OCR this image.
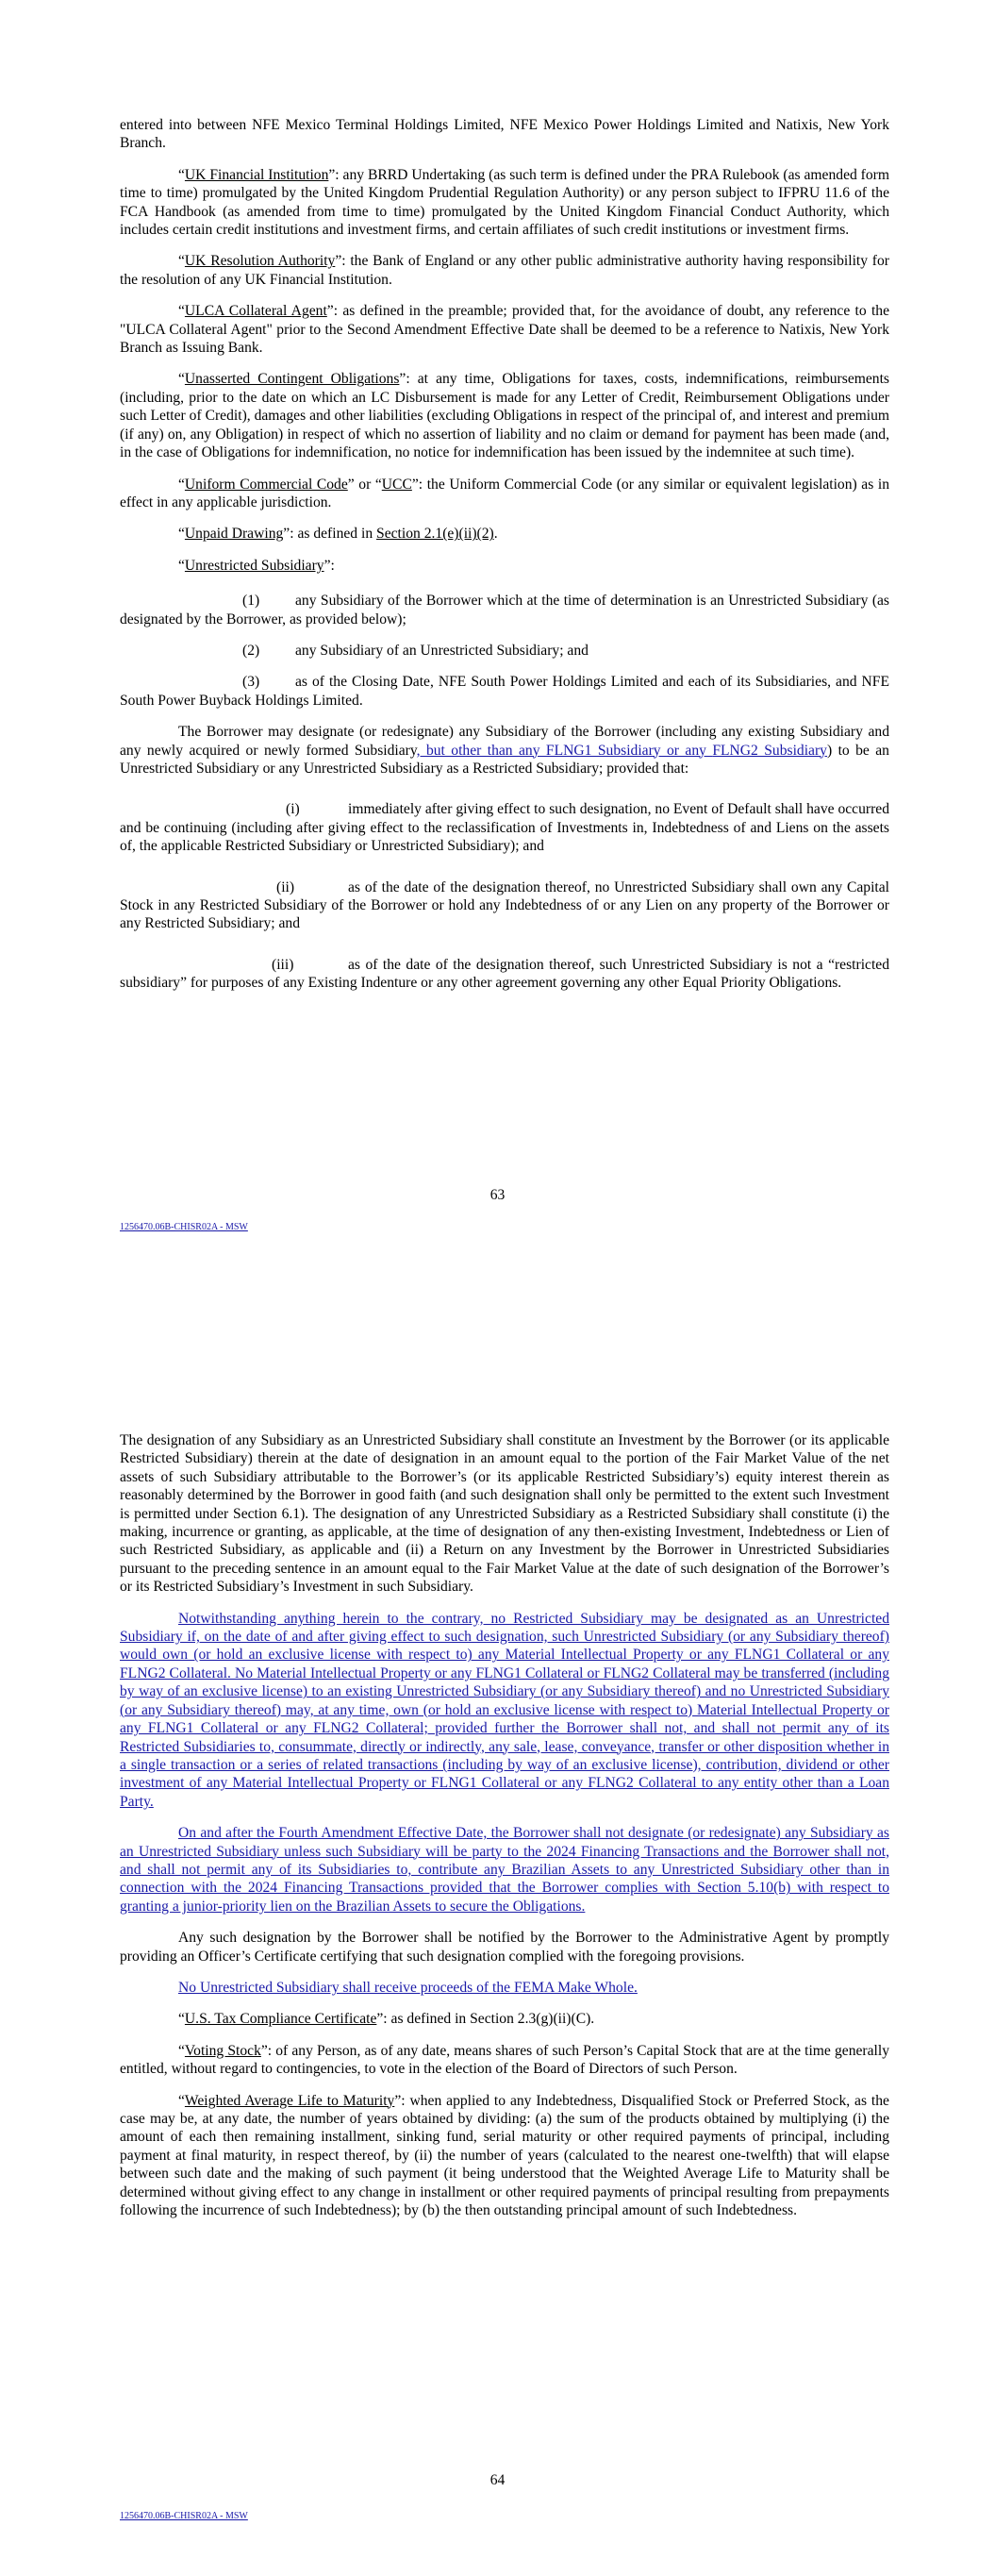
entered into between NFE Mexico Terminal Holdings Limited, NFE Mexico Power Holdings Limited and Natixis, New York Branch.

“UK Financial Institution”: any BRRD Undertaking (as such term is defined under the PRA Rulebook (as amended form time to time) promulgated by the United Kingdom Prudential Regulation Authority) or any person subject to IFPRU 11.6 of the FCA Handbook (as amended from time to time) promulgated by the United Kingdom Financial Conduct Authority, which includes certain credit institutions and investment firms, and certain affiliates of such credit institutions or investment firms.

“UK Resolution Authority”: the Bank of England or any other public administrative authority having responsibility for the resolution of any UK Financial Institution.

“ULCA Collateral Agent”: as defined in the preamble; provided that, for the avoidance of doubt, any reference to the "ULCA Collateral Agent" prior to the Second Amendment Effective Date shall be deemed to be a reference to Natixis, New York Branch as Issuing Bank.

“Unasserted Contingent Obligations”: at any time, Obligations for taxes, costs, indemnifications, reimbursements (including, prior to the date on which an LC Disbursement is made for any Letter of Credit, Reimbursement Obligations under such Letter of Credit), damages and other liabilities (excluding Obligations in respect of the principal of, and interest and premium (if any) on, any Obligation) in respect of which no assertion of liability and no claim or demand for payment has been made (and, in the case of Obligations for indemnification, no notice for indemnification has been issued by the indemnitee at such time).

“Uniform Commercial Code” or “UCC”: the Uniform Commercial Code (or any similar or equivalent legislation) as in effect in any applicable jurisdiction.

“Unpaid Drawing”: as defined in Section 2.1(e)(ii)(2).

“Unrestricted Subsidiary”:

(1) any Subsidiary of the Borrower which at the time of determination is an Unrestricted Subsidiary (as designated by the Borrower, as provided below);

(2) any Subsidiary of an Unrestricted Subsidiary; and

(3) as of the Closing Date, NFE South Power Holdings Limited and each of its Subsidiaries, and NFE South Power Buyback Holdings Limited.

The Borrower may designate (or redesignate) any Subsidiary of the Borrower (including any existing Subsidiary and any newly acquired or newly formed Subsidiary, but other than any FLNG1 Subsidiary or any FLNG2 Subsidiary) to be an Unrestricted Subsidiary or any Unrestricted Subsidiary as a Restricted Subsidiary; provided that:

(i)	immediately after giving effect to such designation, no Event of Default shall have occurred and be continuing (including after giving effect to the reclassification of Investments in, Indebtedness of and Liens on the assets of, the applicable Restricted Subsidiary or Unrestricted Subsidiary); and

(ii)	as of the date of the designation thereof, no Unrestricted Subsidiary shall own any Capital Stock in any Restricted Subsidiary of the Borrower or hold any Indebtedness of or any Lien on any property of the Borrower or any Restricted Subsidiary; and

(iii)	as of the date of the designation thereof, such Unrestricted Subsidiary is not a “restricted subsidiary” for purposes of any Existing Indenture or any other agreement governing any other Equal Priority Obligations.

63
1256470.06B-CHISR02A - MSW

The designation of any Subsidiary as an Unrestricted Subsidiary shall constitute an Investment by the Borrower (or its applicable Restricted Subsidiary) therein at the date of designation in an amount equal to the portion of the Fair Market Value of the net assets of such Subsidiary attributable to the Borrower’s (or its applicable Restricted Subsidiary’s) equity interest therein as reasonably determined by the Borrower in good faith (and such designation shall only be permitted to the extent such Investment is permitted under Section 6.1). The designation of any Unrestricted Subsidiary as a Restricted Subsidiary shall constitute (i) the making, incurrence or granting, as applicable, at the time of designation of any then-existing Investment, Indebtedness or Lien of such Restricted Subsidiary, as applicable and (ii) a Return on any Investment by the Borrower in Unrestricted Subsidiaries pursuant to the preceding sentence in an amount equal to the Fair Market Value at the date of such designation of the Borrower’s or its Restricted Subsidiary’s Investment in such Subsidiary.

Notwithstanding anything herein to the contrary, no Restricted Subsidiary may be designated as an Unrestricted Subsidiary if, on the date of and after giving effect to such designation, such Unrestricted Subsidiary (or any Subsidiary thereof) would own (or hold an exclusive license with respect to) any Material Intellectual Property or any FLNG1 Collateral or any FLNG2 Collateral. No Material Intellectual Property or any FLNG1 Collateral or FLNG2 Collateral may be transferred (including by way of an exclusive license) to an existing Unrestricted Subsidiary (or any Subsidiary thereof) and no Unrestricted Subsidiary (or any Subsidiary thereof) may, at any time, own (or hold an exclusive license with respect to) Material Intellectual Property or any FLNG1 Collateral or any FLNG2 Collateral; provided further the Borrower shall not, and shall not permit any of its Restricted Subsidiaries to, consummate, directly or indirectly, any sale, lease, conveyance, transfer or other disposition whether in a single transaction or a series of related transactions (including by way of an exclusive license), contribution, dividend or other investment of any Material Intellectual Property or FLNG1 Collateral or any FLNG2 Collateral to any entity other than a Loan Party.

On and after the Fourth Amendment Effective Date, the Borrower shall not designate (or redesignate) any Subsidiary as an Unrestricted Subsidiary unless such Subsidiary will be party to the 2024 Financing Transactions and the Borrower shall not, and shall not permit any of its Subsidiaries to, contribute any Brazilian Assets to any Unrestricted Subsidiary other than in connection with the 2024 Financing Transactions provided that the Borrower complies with Section 5.10(b) with respect to granting a junior-priority lien on the Brazilian Assets to secure the Obligations.

Any such designation by the Borrower shall be notified by the Borrower to the Administrative Agent by promptly providing an Officer’s Certificate certifying that such designation complied with the foregoing provisions.

No Unrestricted Subsidiary shall receive proceeds of the FEMA Make Whole.

“U.S. Tax Compliance Certificate”: as defined in Section 2.3(g)(ii)(C).

“Voting Stock”: of any Person, as of any date, means shares of such Person’s Capital Stock that are at the time generally entitled, without regard to contingencies, to vote in the election of the Board of Directors of such Person.

“Weighted Average Life to Maturity”: when applied to any Indebtedness, Disqualified Stock or Preferred Stock, as the case may be, at any date, the number of years obtained by dividing: (a) the sum of the products obtained by multiplying (i) the amount of each then remaining installment, sinking fund, serial maturity or other required payments of principal, including payment at final maturity, in respect thereof, by (ii) the number of years (calculated to the nearest one-twelfth) that will elapse between such date and the making of such payment (it being understood that the Weighted Average Life to Maturity shall be determined without giving effect to any change in installment or other required payments of principal resulting from prepayments following the incurrence of such Indebtedness); by (b) the then outstanding principal amount of such Indebtedness.

64
1256470.06B-CHISR02A - MSW
